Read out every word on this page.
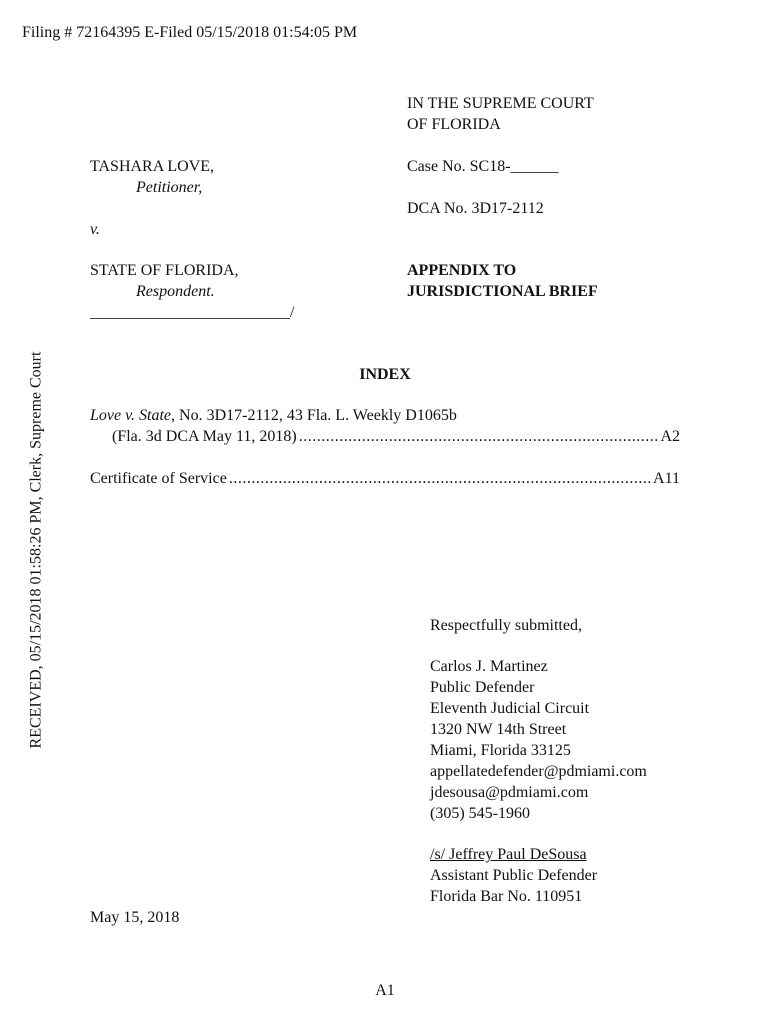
Filing # 72164395 E-Filed 05/15/2018 01:54:05 PM
RECEIVED, 05/15/2018 01:58:26 PM, Clerk, Supreme Court
IN THE SUPREME COURT
OF FLORIDA
TASHARA LOVE,
Petitioner,
v.
STATE OF FLORIDA,
Respondent.
_________________________/
Case No. SC18-______
DCA No. 3D17-2112
APPENDIX TO
JURISDICTIONAL BRIEF
INDEX
Love v. State, No. 3D17-2112, 43 Fla. L. Weekly D1065b
(Fla. 3d DCA May 11, 2018) .....	A2
Certificate of Service .....	A11
Respectfully submitted,
Carlos J. Martinez
Public Defender
Eleventh Judicial Circuit
1320 NW 14th Street
Miami, Florida 33125
appellatedefender@pdmiami.com
jdesousa@pdmiami.com
(305) 545-1960
/s/ Jeffrey Paul DeSousa
Assistant Public Defender
Florida Bar No. 110951
May 15, 2018
A1
